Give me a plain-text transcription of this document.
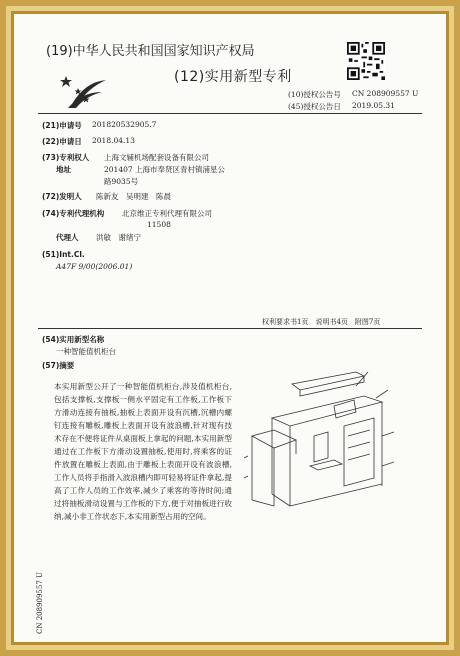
(19)中华人民共和国国家知识产权局
(12)实用新型专利
(10)授权公告号 CN 208909557 U
(45)授权公告日 2019.05.31
(21)申请号 201820532905.7
(22)申请日 2018.04.13
(73)专利权人 上海文辅机场配套设备有限公司
地址	201407 上海市奉贤区青村镇浦星公
路9035号
(72)发明人 陈新友　吴明建　陈晨
(74)专利代理机构 北京维正专利代理有限公司
11508
代理人 洪敏　谢绪宁
(51)Int.Cl.
A47F 9/00(2006.01)
权利要求书1页　说明书4页　附图7页
(54)实用新型名称
一种智能值机柜台
(57)摘要
本实用新型公开了一种智能值机柜台,涉及值机柜台,包括支撑板,支撑板一侧水平固定有工作板,工作板下方滑动连接有抽板,抽板上表面开设有沉槽,沉槽内螺钉连接有雕板,雕板上表面开设有波浪槽,针对现有技术存在不便将证件从桌面板上拿起的问题,本实用新型通过在工作板下方滑动设置抽板,使用时,将乘客的证件放置在雕板上表面,由于雕板上表面开设有波浪槽,工作人员将手指滑入波浪槽内即可轻易将证件拿起,提高了工作人员的工作效率,减少了乘客的等待时间;通过将抽板滑动设置与工作板的下方,便于对抽板进行收纳,减小非工作状态下,本实用新型占用的空间。
CN 208909557 U
